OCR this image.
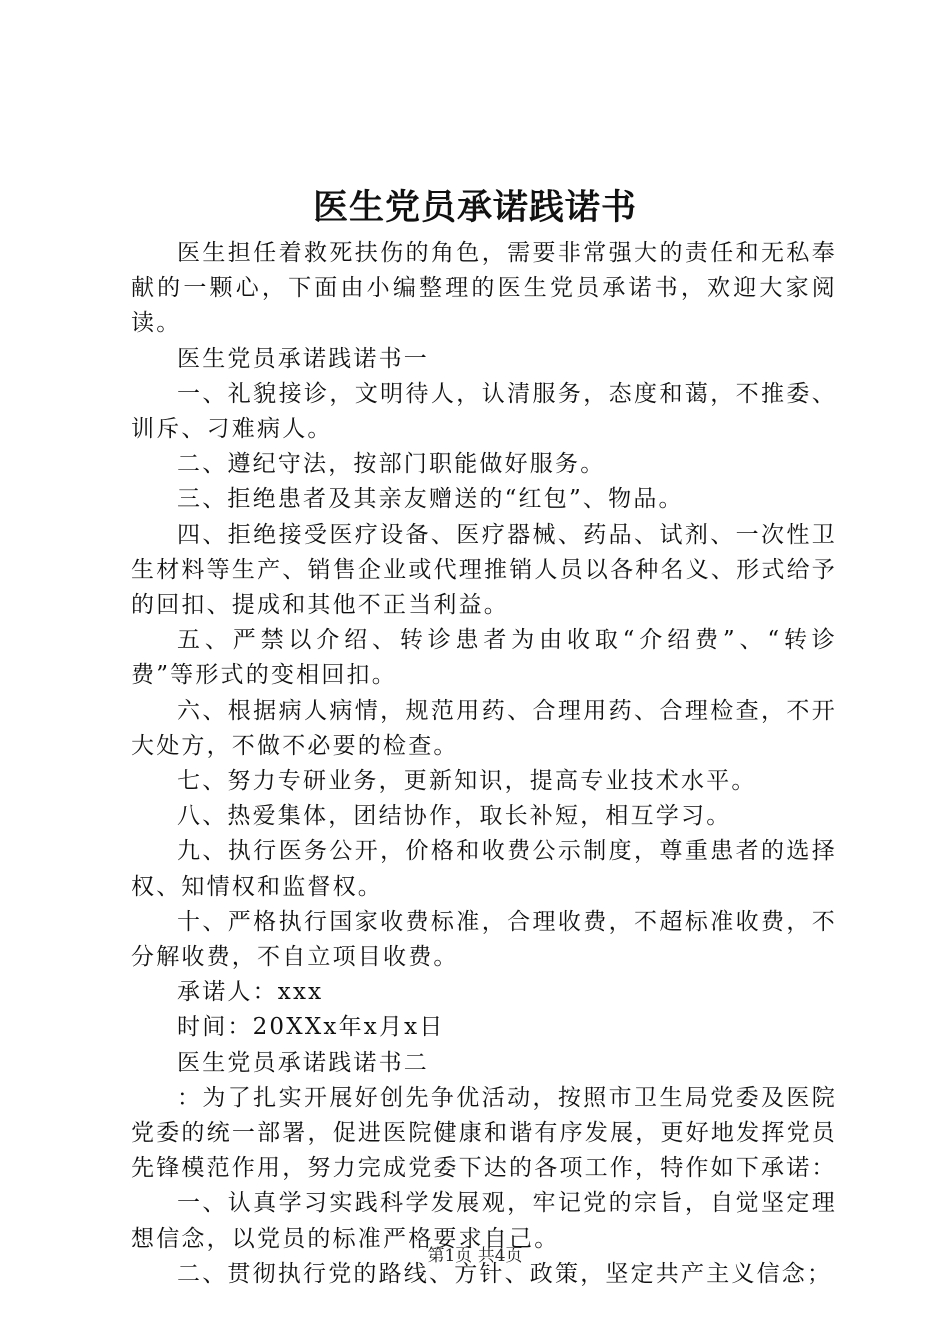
医生党员承诺践诺书

医生担任着救死扶伤的角色，需要非常强大的责任和无私奉献的一颗心，下面由小编整理的医生党员承诺书，欢迎大家阅读。

医生党员承诺践诺书一

一、礼貌接诊，文明待人，认清服务，态度和蔼，不推委、训斥、刁难病人。

二、遵纪守法，按部门职能做好服务。

三、拒绝患者及其亲友赠送的“红包”、物品。

四、拒绝接受医疗设备、医疗器械、药品、试剂、一次性卫生材料等生产、销售企业或代理推销人员以各种名义、形式给予的回扣、提成和其他不正当利益。

五、严禁以介绍、转诊患者为由收取“介绍费”、“转诊费”等形式的变相回扣。

六、根据病人病情，规范用药、合理用药、合理检查，不开大处方，不做不必要的检查。

七、努力专研业务，更新知识，提高专业技术水平。

八、热爱集体，团结协作，取长补短，相互学习。

九、执行医务公开，价格和收费公示制度，尊重患者的选择权、知情权和监督权。

十、严格执行国家收费标准，合理收费，不超标准收费，不分解收费，不自立项目收费。

承诺人：xxx

时间：20XXx年x月x日

医生党员承诺践诺书二

：为了扎实开展好创先争优活动，按照市卫生局党委及医院党委的统一部署，促进医院健康和谐有序发展，更好地发挥党员先锋模范作用，努力完成党委下达的各项工作，特作如下承诺：

一、认真学习实践科学发展观，牢记党的宗旨，自觉坚定理想信念，以党员的标准严格要求自己。

二、贯彻执行党的路线、方针、政策，坚定共产主义信念；

第1页 共4页
